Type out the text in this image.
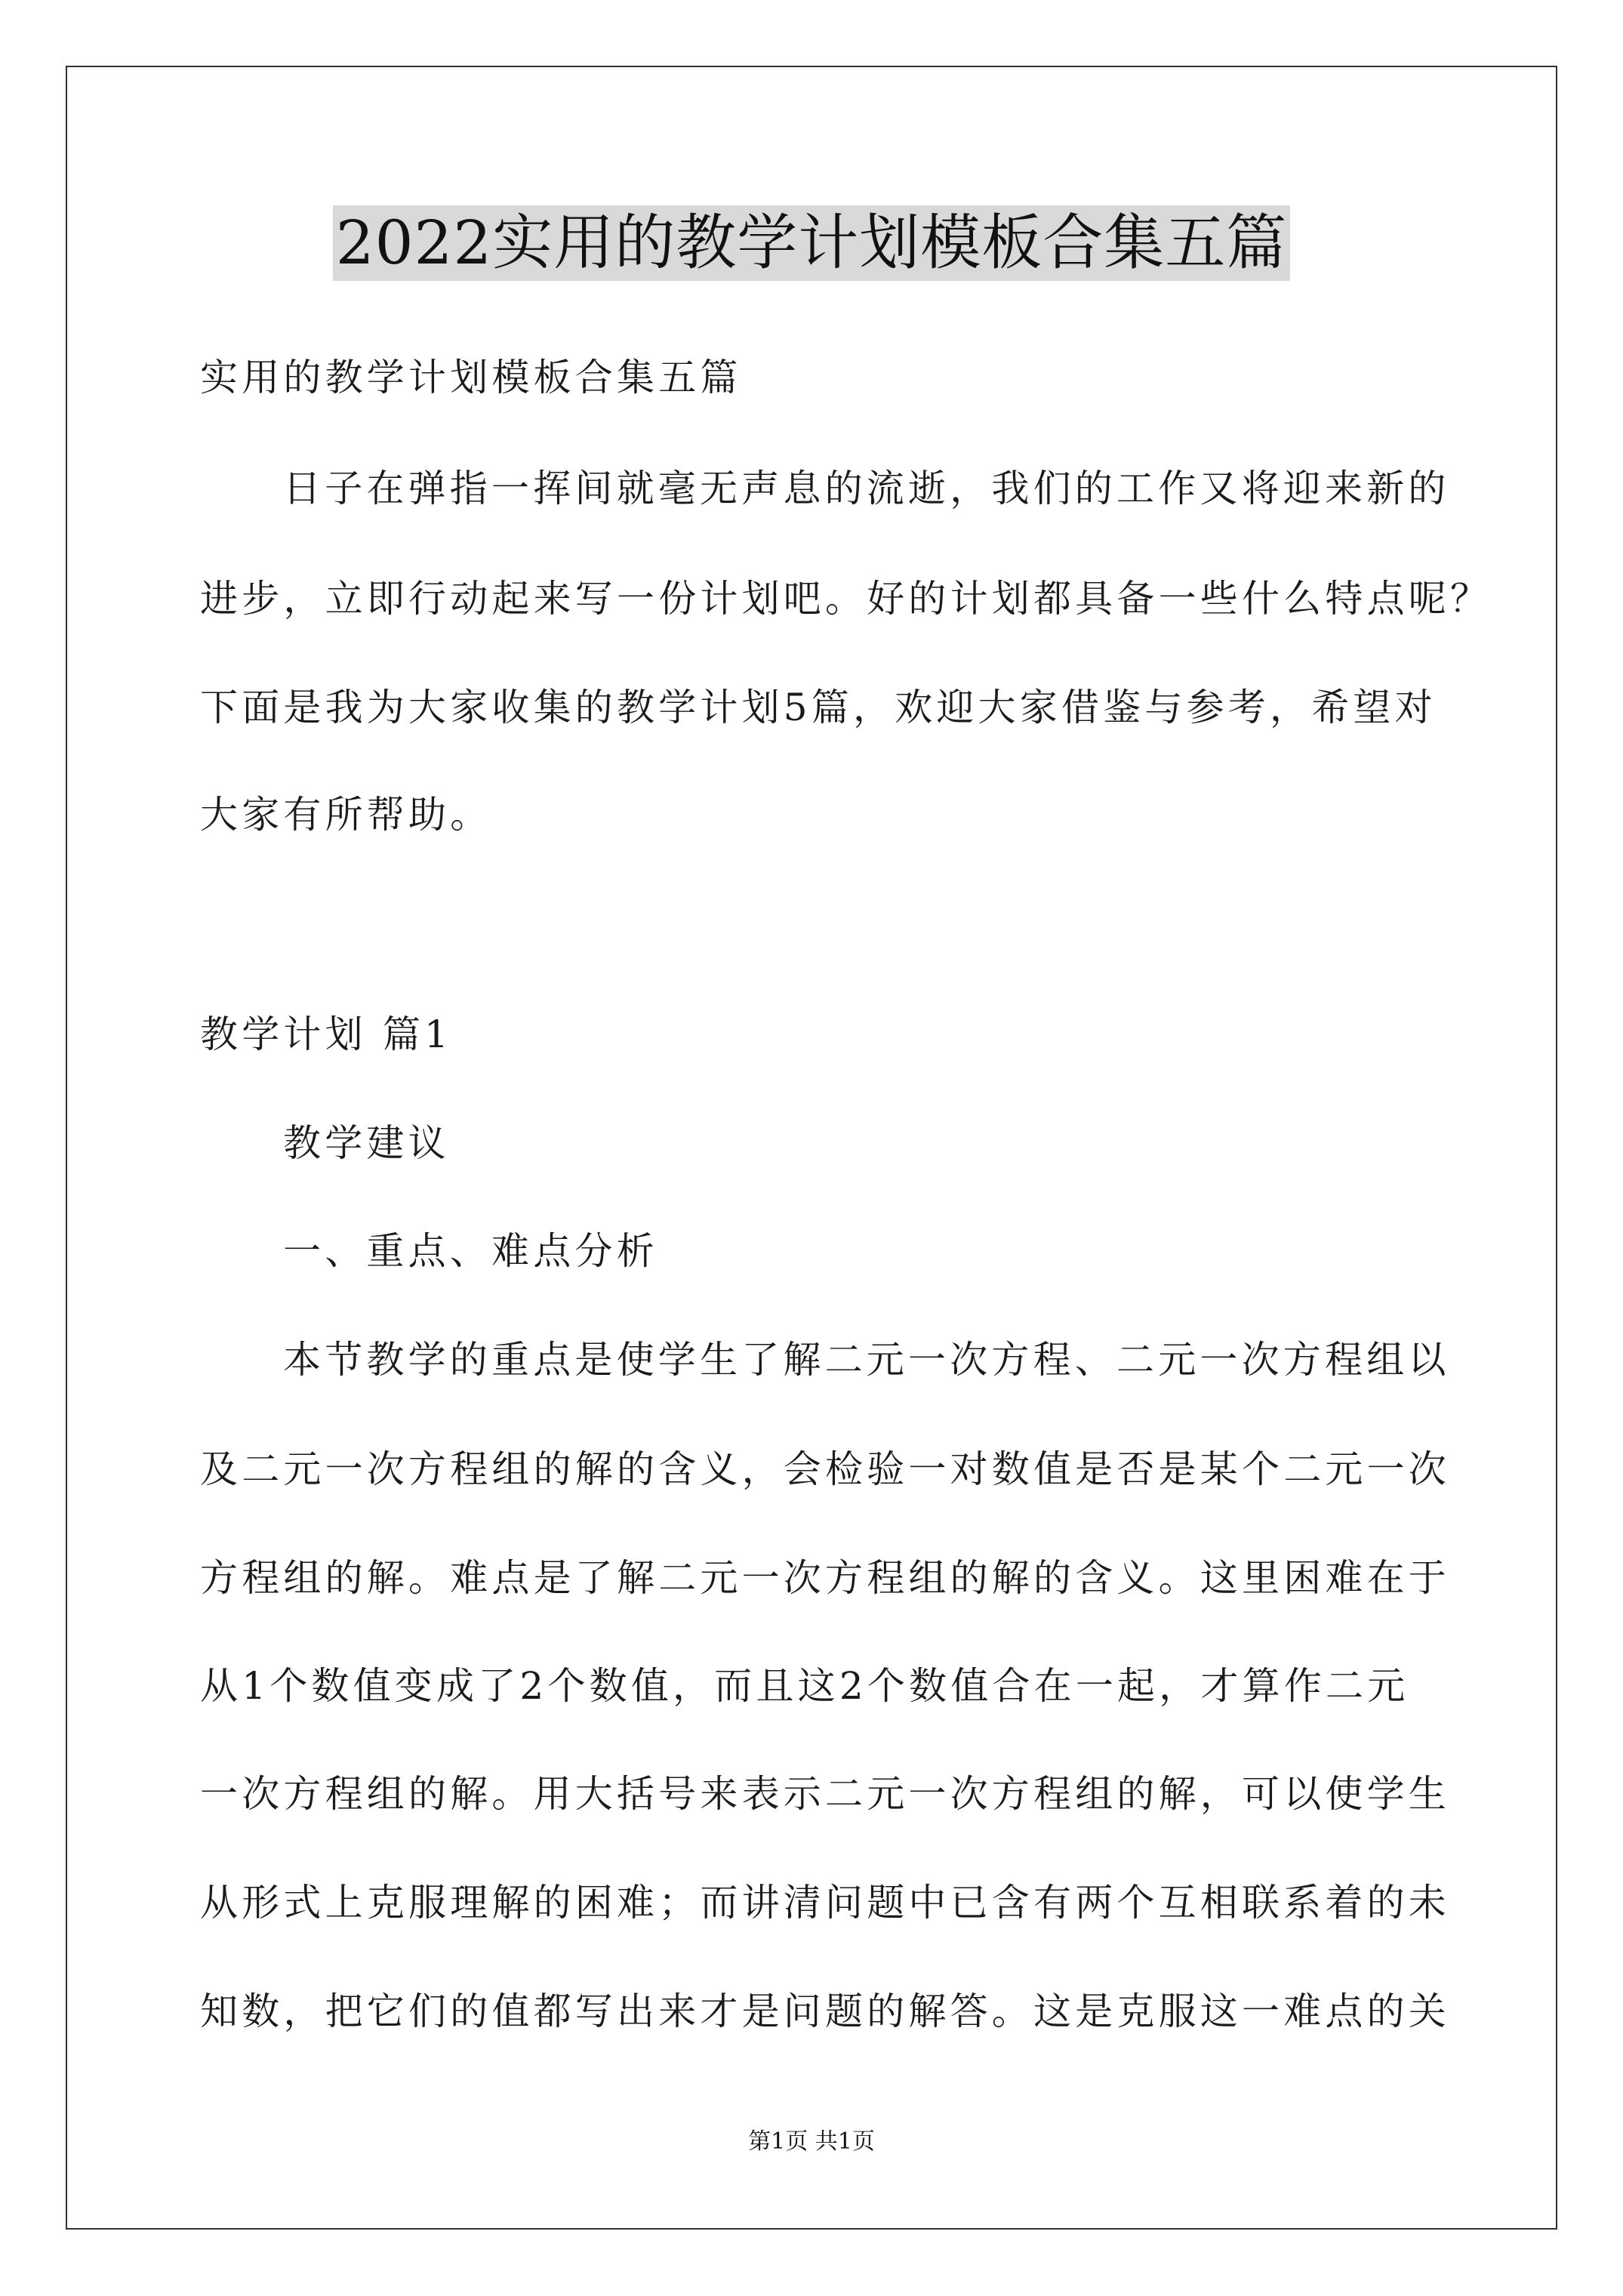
2022实用的教学计划模板合集五篇
实用的教学计划模板合集五篇
日子在弹指一挥间就毫无声息的流逝，我们的工作又将迎来新的
进步，立即行动起来写一份计划吧。好的计划都具备一些什么特点呢？
下面是我为大家收集的教学计划5篇，欢迎大家借鉴与参考，希望对
大家有所帮助。
教学计划 篇1
教学建议
一、重点、难点分析
本节教学的重点是使学生了解二元一次方程、二元一次方程组以
及二元一次方程组的解的含义，会检验一对数值是否是某个二元一次
方程组的解。难点是了解二元一次方程组的解的含义。这里困难在于
从1个数值变成了2个数值，而且这2个数值合在一起，才算作二元
一次方程组的解。用大括号来表示二元一次方程组的解，可以使学生
从形式上克服理解的困难；而讲清问题中已含有两个互相联系着的未
知数，把它们的值都写出来才是问题的解答。这是克服这一难点的关
第1页 共1页
